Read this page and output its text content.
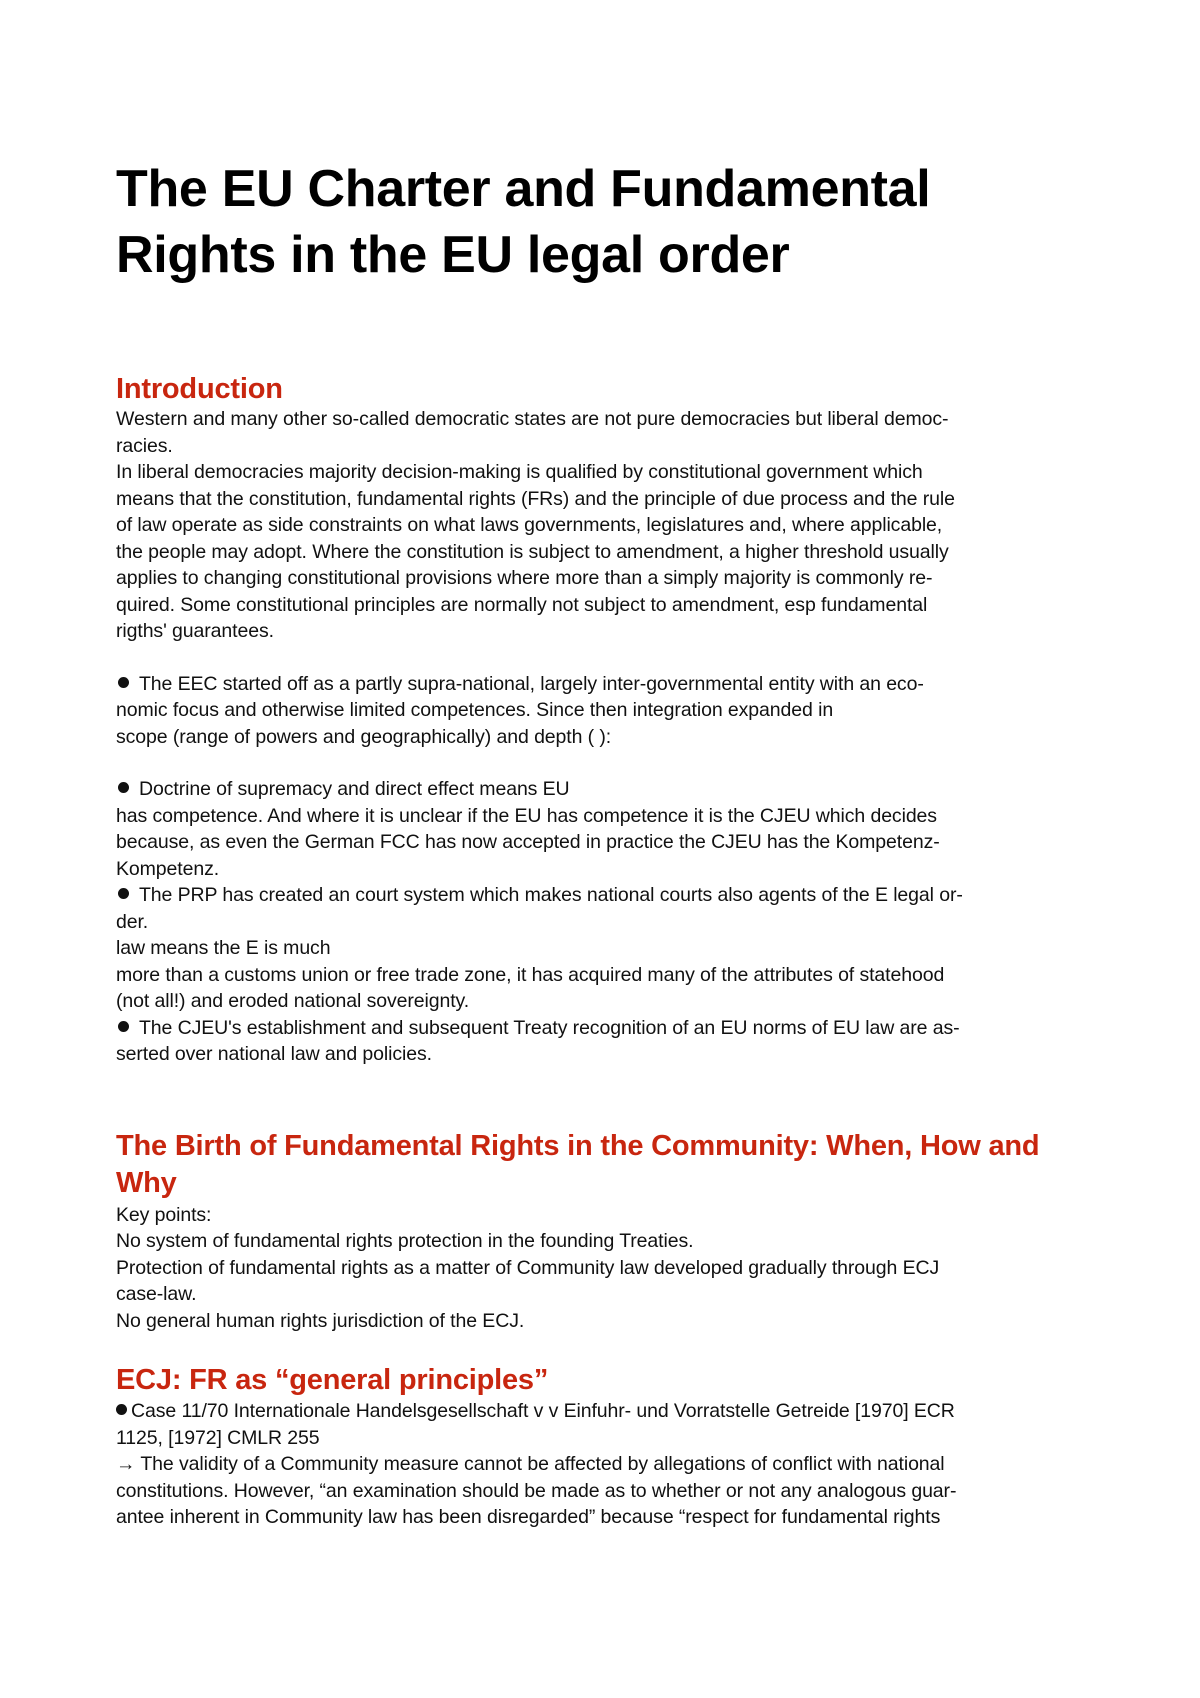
The EU Charter and Fundamental Rights in the EU legal order
Introduction

Western and many other so-called democratic states are not pure democracies but liberal democ-
racies.

In liberal democracies majority decision-making is qualified by constitutional government which
means that the constitution, fundamental rights (FRs) and the principle of due process and the rule
of law operate as side constraints on what laws governments, legislatures and, where applicable,
the people may adopt. Where the constitution is subject to amendment, a higher threshold usually
applies to changing constitutional provisions where more than a simply majority is commonly re-
quired. Some constitutional principles are normally not subject to amendment, esp fundamental
rigths' guarantees.

The EEC started off as a partly supra-national, largely inter-governmental entity with an eco-
nomic focus and otherwise limited competences. Since then integration expanded in
scope (range of powers and geographically) and depth ( ):

Doctrine of supremacy and direct effect means EU

has competence. And where it is unclear if the EU has competence it is the CJEU which decides
because, as even the German FCC has now accepted in practice the CJEU has the Kompetenz-
Kompetenz.

The PRP has created an court system which makes national courts also agents of the E legal or-
der.

law means the E is much
more than a customs union or free trade zone, it has acquired many of the attributes of statehood
(not all!) and eroded national sovereignty.

The CJEU's establishment and subsequent Treaty recognition of an EU norms of EU law are as-
serted over national law and policies.

The Birth of Fundamental Rights in the Community: When, How and Why

Key points:
No system of fundamental rights protection in the founding Treaties.
Protection of fundamental rights as a matter of Community law developed gradually through ECJ
case-law.
No general human rights jurisdiction of the ECJ.

ECJ: FR as “general principles”

Case 11/70 Internationale Handelsgesellschaft v v Einfuhr- und Vorratstelle Getreide [1970] ECR
1125, [1972] CMLR 255

→ The validity of a Community measure cannot be affected by allegations of conflict with national
constitutions. However, “an examination should be made as to whether or not any analogous guar-
antee inherent in Community law has been disregarded” because “respect for fundamental rights
